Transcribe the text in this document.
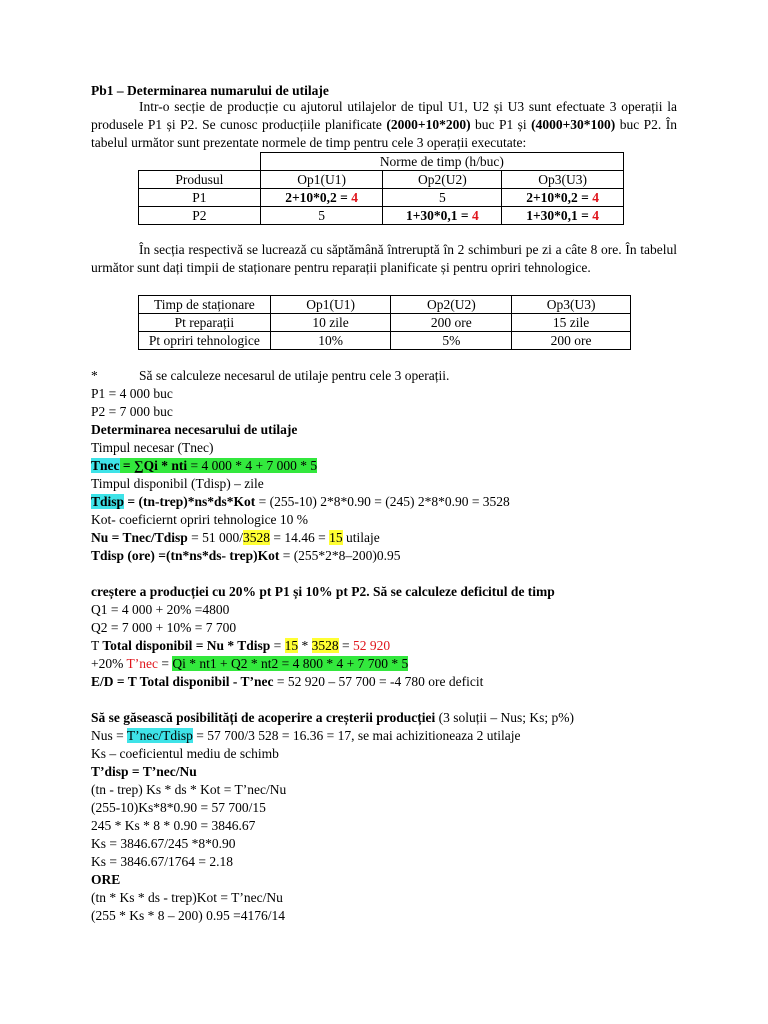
Pb1 – Determinarea numarului de utilaje
Intr-o secție de producție cu ajutorul utilajelor de tipul U1, U2 și U3 sunt efectuate 3 operații la produsele P1 și P2. Se cunosc producțiile planificate (2000+10*200) buc P1 și (4000+30*100) buc P2. În tabelul următor sunt prezentate normele de timp pentru cele 3 operații executate:
	Norme de timp (h/buc)		
Produsul	Op1(U1)	Op2(U2)	Op3(U3)
P1	2+10*0,2 = 4	5	2+10*0,2 = 4
P2	5	1+30*0,1 = 4	1+30*0,1 = 4
În secția respectivă se lucrează cu săptămână întreruptă în 2 schimburi pe zi a câte 8 ore. În tabelul următor sunt dați timpii de staționare pentru reparații planificate și pentru opriri tehnologice.
Timp de staționare	Op1(U1)	Op2(U2)	Op3(U3)
Pt reparații	10 zile	200 ore	15 zile
Pt opriri tehnologice	10%	5%	200 ore
*	Să se calculeze necesarul de utilaje pentru cele 3 operații.
P1 = 4 000 buc
P2 = 7 000 buc
Determinarea necesarului de utilaje
Timpul necesar (Tnec)
Tnec = ∑Qi * nti = 4 000 * 4 + 7 000 * 5
Timpul disponibil (Tdisp) – zile
Tdisp = (tn-trep)*ns*ds*Kot = (255-10) 2*8*0.90 = (245) 2*8*0.90 = 3528
Kot- coeficiernt opriri tehnologice 10 %
Nu = Tnec/Tdisp = 51 000/3528 = 14.46 = 15 utilaje
Tdisp (ore) =(tn*ns*ds- trep)Kot = (255*2*8–200)0.95
creștere a producției cu 20% pt P1 și 10% pt P2. Să se calculeze deficitul de timp
Q1 = 4 000 + 20% =4800
Q2 = 7 000 + 10% = 7 700
T Total disponibil = Nu * Tdisp = 15 * 3528 = 52 920
+20% T’nec = Qi * nt1 + Q2 * nt2 = 4 800 * 4 + 7 700 * 5
E/D = T Total disponibil - T’nec = 52 920 – 57 700 = -4 780 ore deficit
Să se găsească posibilități de acoperire a creșterii producției (3 soluții – Nus; Ks; p%)
Nus = T’nec/Tdisp = 57 700/3 528 = 16.36 = 17, se mai achizitioneaza 2 utilaje
Ks – coeficientul mediu de schimb
T’disp = T’nec/Nu
(tn - trep) Ks * ds * Kot = T’nec/Nu
(255-10)Ks*8*0.90 = 57 700/15
245 * Ks * 8 * 0.90 = 3846.67
Ks = 3846.67/245 *8*0.90
Ks = 3846.67/1764 = 2.18
ORE
(tn * Ks * ds - trep)Kot = T’nec/Nu
(255 * Ks * 8 – 200) 0.95 =4176/14
